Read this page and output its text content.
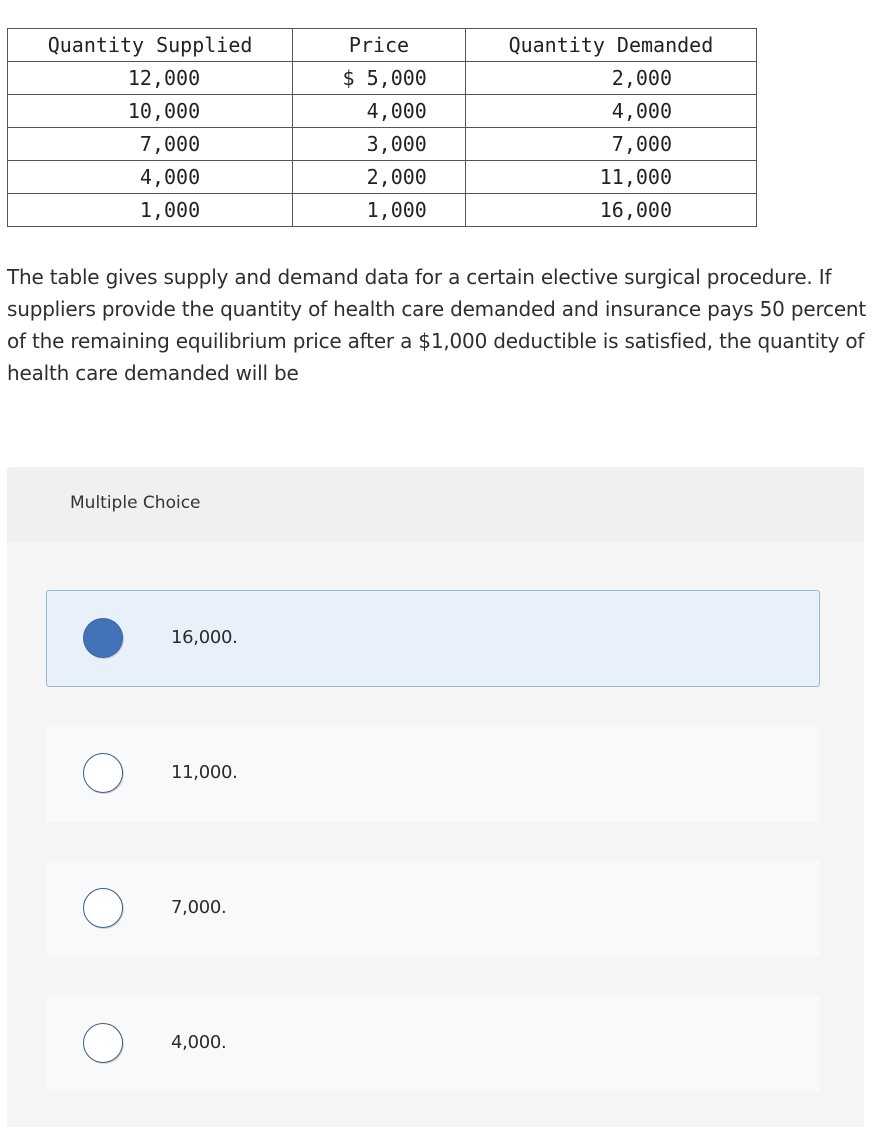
Quantity Supplied	Price	Quantity Demanded
12,000	$ 5,000	2,000
10,000	4,000	4,000
7,000	3,000	7,000
4,000	2,000	11,000
1,000	1,000	16,000

The table gives supply and demand data for a certain elective surgical procedure. If suppliers provide the quantity of health care demanded and insurance pays 50 percent of the remaining equilibrium price after a $1,000 deductible is satisfied, the quantity of health care demanded will be

Multiple Choice
16,000.
11,000.
7,000.
4,000.
